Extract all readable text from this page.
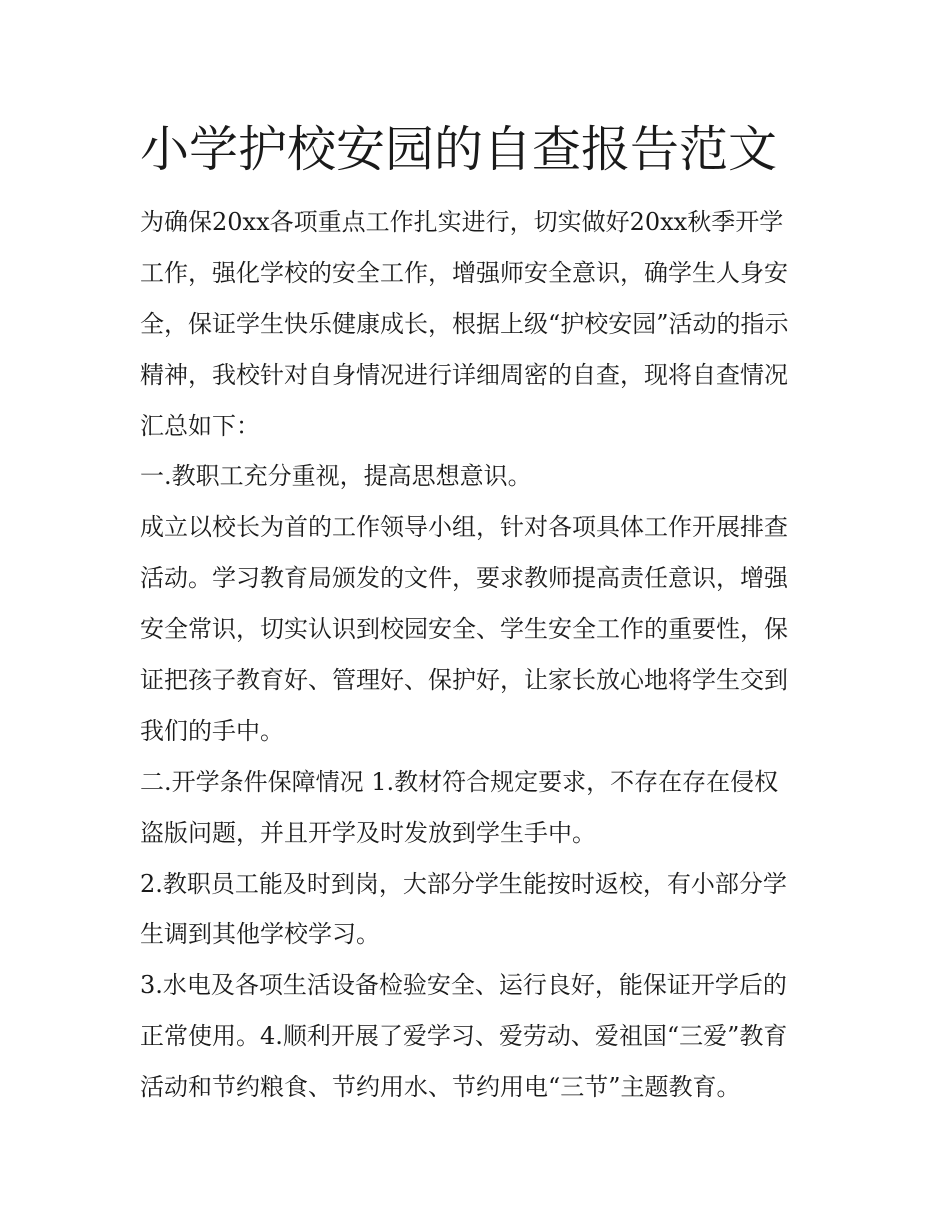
小学护校安园的自查报告范文
为确保20xx各项重点工作扎实进行，切实做好20xx秋季开学
工作，强化学校的安全工作，增强师安全意识，确学生人身安
全，保证学生快乐健康成长，根据上级“护校安园”活动的指示
精神，我校针对自身情况进行详细周密的自查，现将自查情况
汇总如下：
一.教职工充分重视，提高思想意识。
成立以校长为首的工作领导小组，针对各项具体工作开展排查
活动。学习教育局颁发的文件，要求教师提高责任意识，增强
安全常识，切实认识到校园安全、学生安全工作的重要性，保
证把孩子教育好、管理好、保护好，让家长放心地将学生交到
我们的手中。
二.开学条件保障情况 1.教材符合规定要求，不存在存在侵权
盗版问题，并且开学及时发放到学生手中。
2.教职员工能及时到岗，大部分学生能按时返校，有小部分学
生调到其他学校学习。
3.水电及各项生活设备检验安全、运行良好，能保证开学后的
正常使用。4.顺利开展了爱学习、爱劳动、爱祖国“三爱”教育
活动和节约粮食、节约用水、节约用电“三节”主题教育。
